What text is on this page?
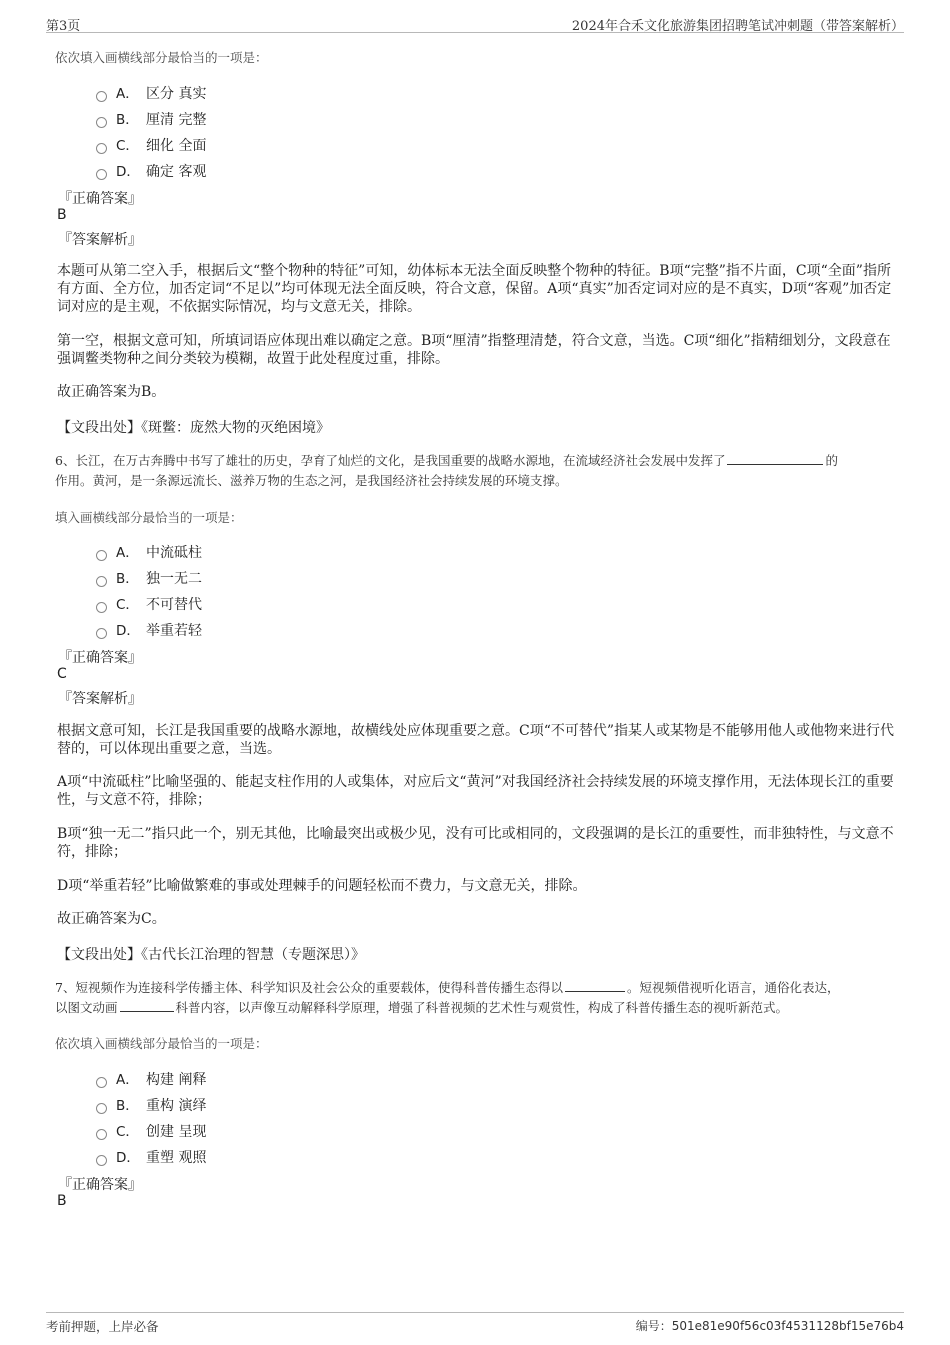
第3页	2024年合禾文化旅游集团招聘笔试冲刺题（带答案解析）
依次填入画横线部分最恰当的一项是：
A． 区分 真实
B． 厘清 完整
C． 细化 全面
D． 确定 客观
『正确答案』
B
『答案解析』
本题可从第二空入手，根据后文“整个物种的特征”可知，幼体标本无法全面反映整个物种的特征。B项“完整”指不片面，C项“全面”指所有方面、全方位，加否定词“不足以”均可体现无法全面反映，符合文意，保留。A项“真实”加否定词对应的是不真实，D项“客观”加否定词对应的是主观，不依据实际情况，均与文意无关，排除。
第一空，根据文意可知，所填词语应体现出难以确定之意。B项“厘清”指整理清楚，符合文意，当选。C项“细化”指精细划分，文段意在强调鳖类物种之间分类较为模糊，故置于此处程度过重，排除。
故正确答案为B。
【文段出处】《斑鳖：庞然大物的灭绝困境》
6、长江，在万古奔腾中书写了雄壮的历史，孕育了灿烂的文化，是我国重要的战略水源地，在流域经济社会发展中发挥了	的
作用。黄河，是一条源远流长、滋养万物的生态之河，是我国经济社会持续发展的环境支撑。
填入画横线部分最恰当的一项是：
A． 中流砥柱
B． 独一无二
C． 不可替代
D． 举重若轻
『正确答案』
C
『答案解析』
根据文意可知，长江是我国重要的战略水源地，故横线处应体现重要之意。C项“不可替代”指某人或某物是不能够用他人或他物来进行代替的，可以体现出重要之意，当选。
A项“中流砥柱”比喻坚强的、能起支柱作用的人或集体，对应后文“黄河”对我国经济社会持续发展的环境支撑作用，无法体现长江的重要性，与文意不符，排除；
B项“独一无二”指只此一个，别无其他，比喻最突出或极少见，没有可比或相同的，文段强调的是长江的重要性，而非独特性，与文意不符，排除；
D项“举重若轻”比喻做繁难的事或处理棘手的问题轻松而不费力，与文意无关，排除。
故正确答案为C。
【文段出处】《古代长江治理的智慧（专题深思）》
7、短视频作为连接科学传播主体、科学知识及社会公众的重要载体，使得科普传播生态得以	。短视频借视听化语言，通俗化表达，
以图文动画	科普内容，以声像互动解释科学原理，增强了科普视频的艺术性与观赏性，构成了科普传播生态的视听新范式。
依次填入画横线部分最恰当的一项是：
A． 构建 阐释
B． 重构 演绎
C． 创建 呈现
D． 重塑 观照
『正确答案』
B
考前押题，上岸必备	编号：501e81e90f56c03f4531128bf15e76b4
